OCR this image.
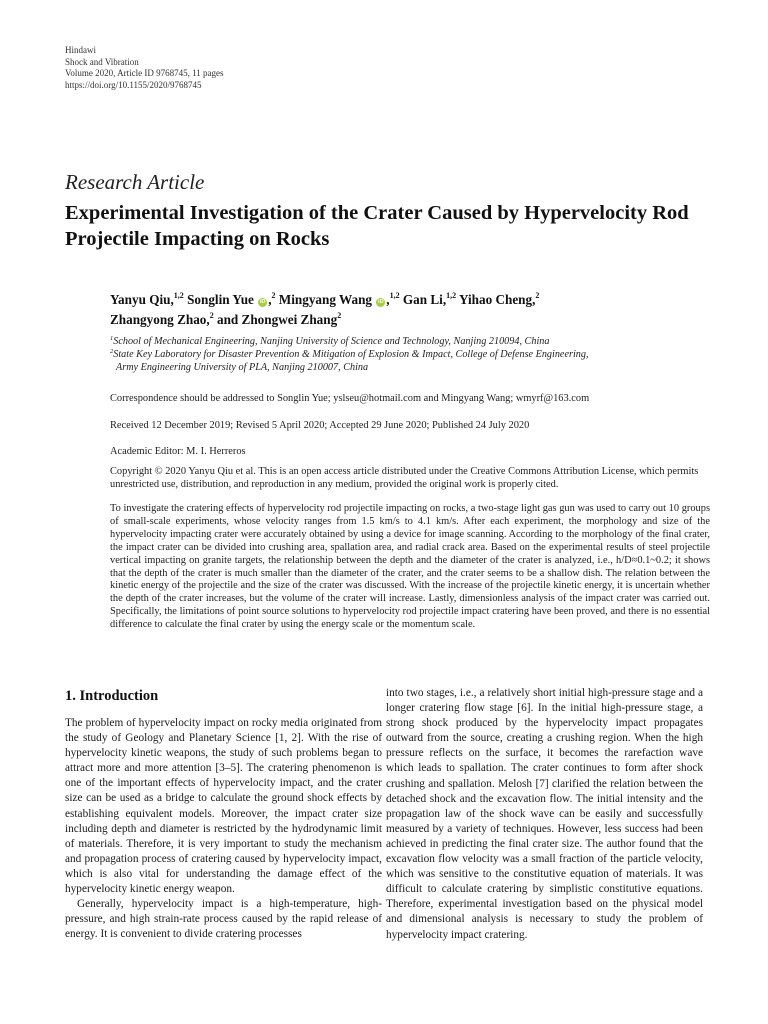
Hindawi
Shock and Vibration
Volume 2020, Article ID 9768745, 11 pages
https://doi.org/10.1155/2020/9768745
Research Article
Experimental Investigation of the Crater Caused by Hypervelocity Rod Projectile Impacting on Rocks
Yanyu Qiu,$^{1,2}$ Songlin Yue iD ,$^2$ Mingyang Wang iD ,$^{1,2}$ Gan Li,$^{1,2}$ Yihao Cheng,$^2$
Zhangyong Zhao,$^2$ and Zhongwei Zhang$^2$
$^1$School of Mechanical Engineering, Nanjing University of Science and Technology, Nanjing 210094, China
$^2$State Key Laboratory for Disaster Prevention & Mitigation of Explosion & Impact, College of Defense Engineering,
Army Engineering University of PLA, Nanjing 210007, China
Correspondence should be addressed to Songlin Yue; yslseu@hotmail.com and Mingyang Wang; wmyrf@163.com
Received 12 December 2019; Revised 5 April 2020; Accepted 29 June 2020; Published 24 July 2020
Academic Editor: M. I. Herreros
Copyright © 2020 Yanyu Qiu et al. This is an open access article distributed under the Creative Commons Attribution License, which permits unrestricted use, distribution, and reproduction in any medium, provided the original work is properly cited.
To investigate the cratering effects of hypervelocity rod projectile impacting on rocks, a two-stage light gas gun was used to carry out 10 groups of small-scale experiments, whose velocity ranges from 1.5 km/s to 4.1 km/s. After each experiment, the morphology and size of the hypervelocity impacting crater were accurately obtained by using a device for image scanning. According to the morphology of the final crater, the impact crater can be divided into crushing area, spallation area, and radial crack area. Based on the experimental results of steel projectile vertical impacting on granite targets, the relationship between the depth and the diameter of the crater is analyzed, i.e., h/D≈0.1~0.2; it shows that the depth of the crater is much smaller than the diameter of the crater, and the crater seems to be a shallow dish. The relation between the kinetic energy of the projectile and the size of the crater was discussed. With the increase of the projectile kinetic energy, it is uncertain whether the depth of the crater increases, but the volume of the crater will increase. Lastly, dimensionless analysis of the impact crater was carried out. Specifically, the limitations of point source solutions to hypervelocity rod projectile impact cratering have been proved, and there is no essential difference to calculate the final crater by using the energy scale or the momentum scale.
1. Introduction

The problem of hypervelocity impact on rocky media originated from the study of Geology and Planetary Science [1, 2]. With the rise of hypervelocity kinetic weapons, the study of such problems began to attract more and more attention [3–5]. The cratering phenomenon is one of the important effects of hypervelocity impact, and the crater size can be used as a bridge to calculate the ground shock effects by establishing equivalent models. Moreover, the impact crater size including depth and diameter is restricted by the hydrodynamic limit of materials. Therefore, it is very important to study the mechanism and propagation process of cratering caused by hypervelocity impact, which is also vital for understanding the damage effect of the hypervelocity kinetic energy weapon.

Generally, hypervelocity impact is a high-temperature, high-pressure, and high strain-rate process caused by the rapid release of energy. It is convenient to divide cratering processes

into two stages, i.e., a relatively short initial high-pressure stage and a longer cratering flow stage [6]. In the initial high-pressure stage, a strong shock produced by the hypervelocity impact propagates outward from the source, creating a crushing region. When the high pressure reflects on the surface, it becomes the rarefaction wave which leads to spallation. The crater continues to form after shock crushing and spallation. Melosh [7] clarified the relation between the detached shock and the excavation flow. The initial intensity and the propagation law of the shock wave can be easily and successfully measured by a variety of techniques. However, less success had been achieved in predicting the final crater size. The author found that the excavation flow velocity was a small fraction of the particle velocity, which was sensitive to the constitutive equation of materials. It was difficult to calculate cratering by simplistic constitutive equations. Therefore, experimental investigation based on the physical model and dimensional analysis is necessary to study the problem of hypervelocity impact cratering.
